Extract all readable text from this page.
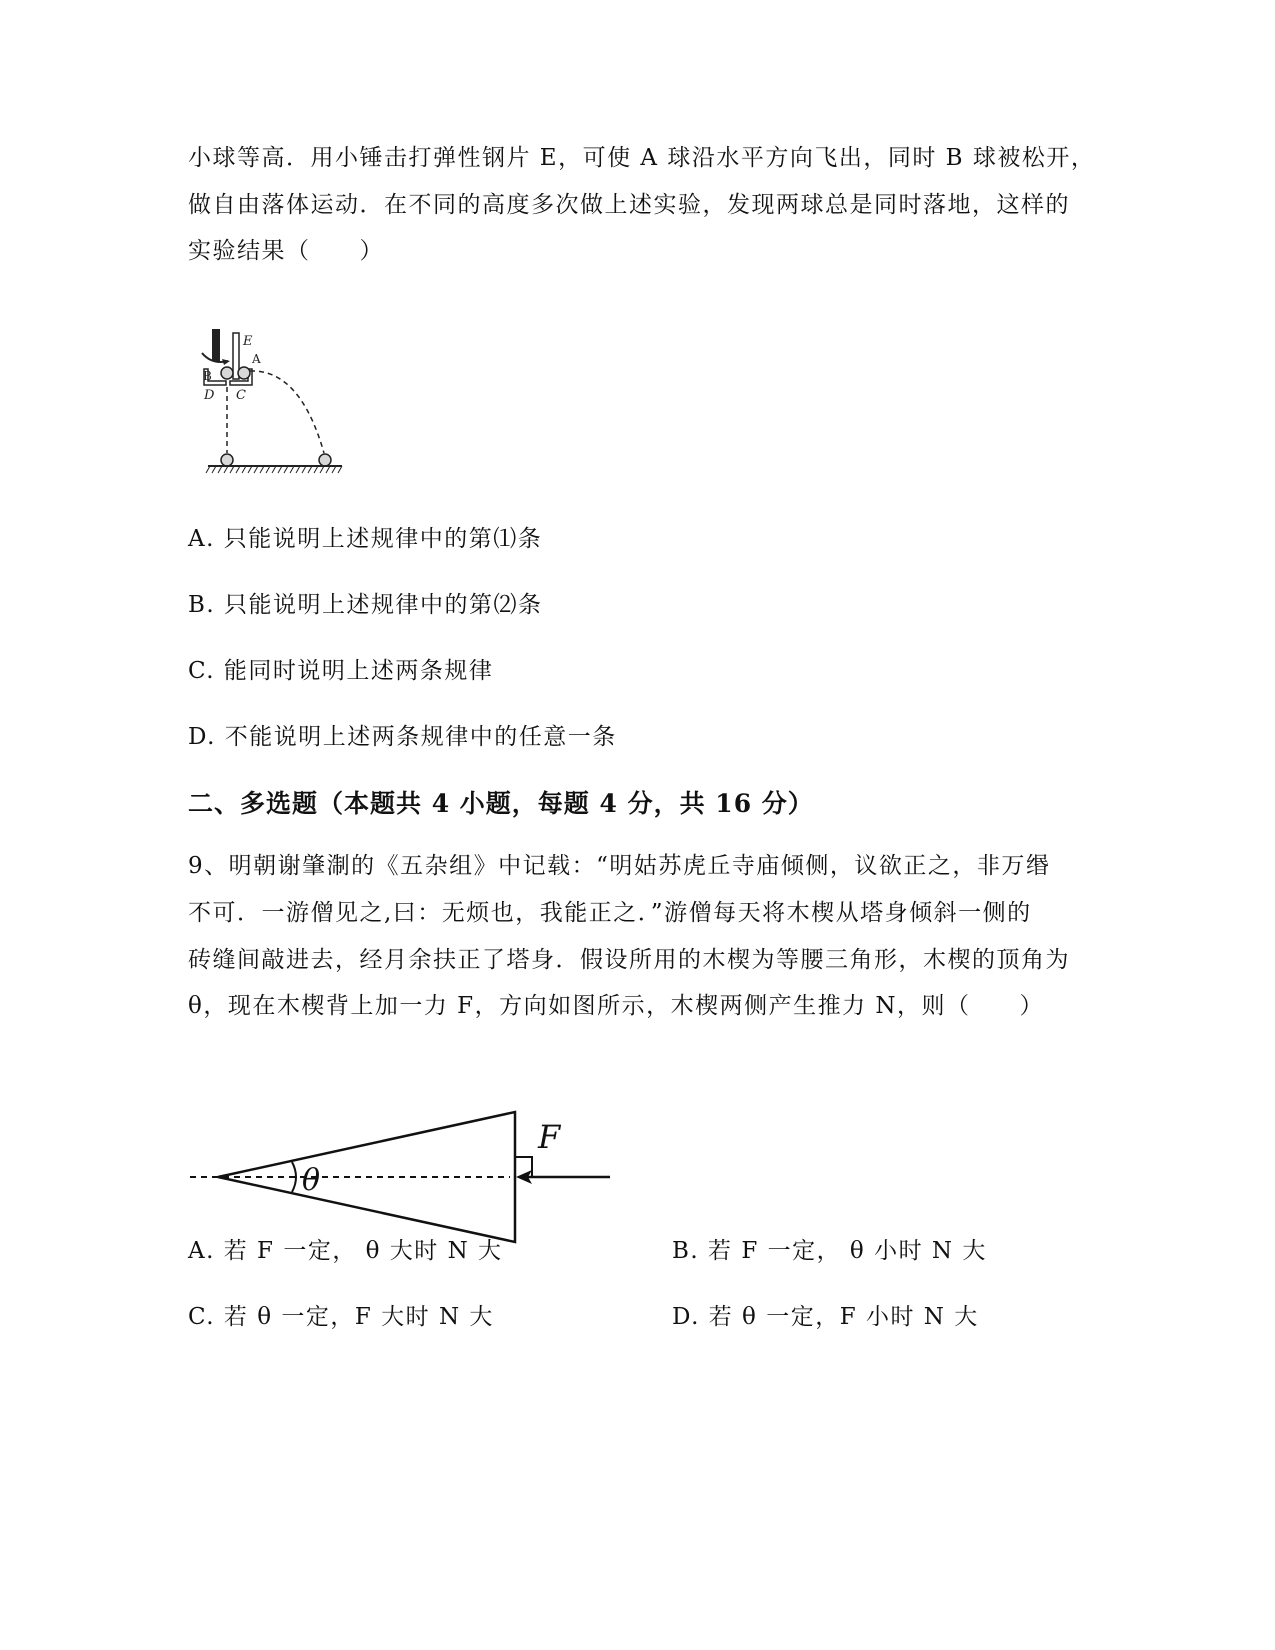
小球等高．用小锤击打弹性钢片 E，可使 A 球沿水平方向飞出，同时 B 球被松开，
做自由落体运动．在不同的高度多次做上述实验，发现两球总是同时落地，这样的
实验结果（　　）
E
A
B
D C
A. 只能说明上述规律中的第⑴条
B. 只能说明上述规律中的第⑵条
C. 能同时说明上述两条规律
D. 不能说明上述两条规律中的任意一条
二、多选题（本题共 4 小题，每题 4 分，共 16 分）
9、明朝谢肇淛的《五杂组》中记载：“明姑苏虎丘寺庙倾侧，议欲正之，非万缗
不可．一游僧见之,曰：无烦也，我能正之．”游僧每天将木楔从塔身倾斜一侧的
砖缝间敲进去，经月余扶正了塔身．假设所用的木楔为等腰三角形，木楔的顶角为
θ，现在木楔背上加一力 F，方向如图所示，木楔两侧产生推力 N，则（　　）
θ
F
A. 若 F 一定， θ 大时 N 大	B. 若 F 一定， θ 小时 N 大
C. 若 θ 一定，F 大时 N 大	D. 若 θ 一定，F 小时 N 大
